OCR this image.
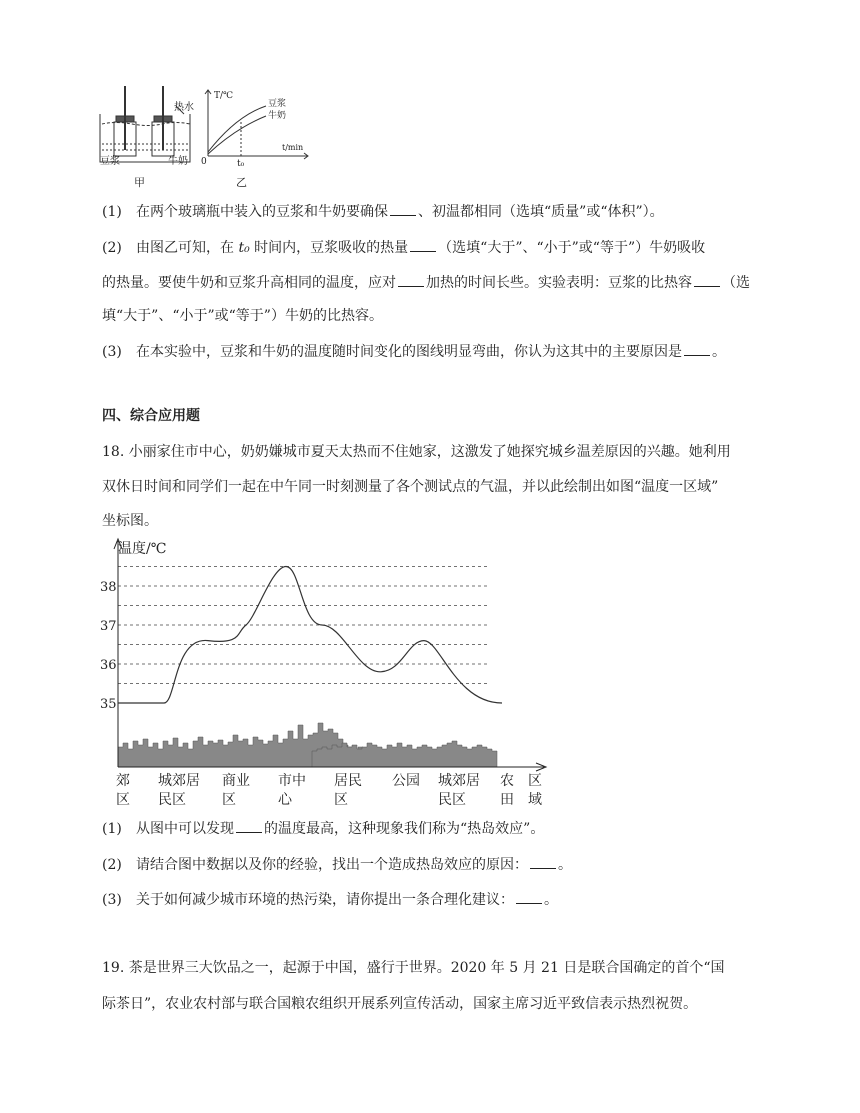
热水
豆浆	牛奶
甲
T/℃
t/min
0	t₀
豆浆
牛奶
乙
(1) 在两个玻璃瓶中装入的豆浆和牛奶要确保 、初温都相同（选填“质量”或“体积”）。
(2) 由图乙可知，在 t₀ 时间内，豆浆吸收的热量 （选填“大于”、“小于”或“等于”）牛奶吸收
的热量。要使牛奶和豆浆升高相同的温度，应对 加热的时间长些。实验表明：豆浆的比热容 （选
填“大于”、“小于”或“等于”）牛奶的比热容。
(3) 在本实验中，豆浆和牛奶的温度随时间变化的图线明显弯曲，你认为这其中的主要原因是 。
四、综合应用题
18. 小丽家住市中心，奶奶嫌城市夏天太热而不住她家，这激发了她探究城乡温差原因的兴趣。她利用
双休日时间和同学们一起在中午同一时刻测量了各个测试点的气温，并以此绘制出如图“温度一区域”
坐标图。
温度/℃
35
36
37
38
郊
区
城郊居
民区
商业
区
市中
心
居民
区
公园 城郊居
民区
农
田
区
域
(1) 从图中可以发现 的温度最高，这种现象我们称为“热岛效应”。
(2) 请结合图中数据以及你的经验，找出一个造成热岛效应的原因： 。
(3) 关于如何减少城市环境的热污染，请你提出一条合理化建议： 。
19. 茶是世界三大饮品之一，起源于中国，盛行于世界。2020 年 5 月 21 日是联合国确定的首个“国
际茶日”，农业农村部与联合国粮农组织开展系列宣传活动，国家主席习近平致信表示热烈祝贺。
